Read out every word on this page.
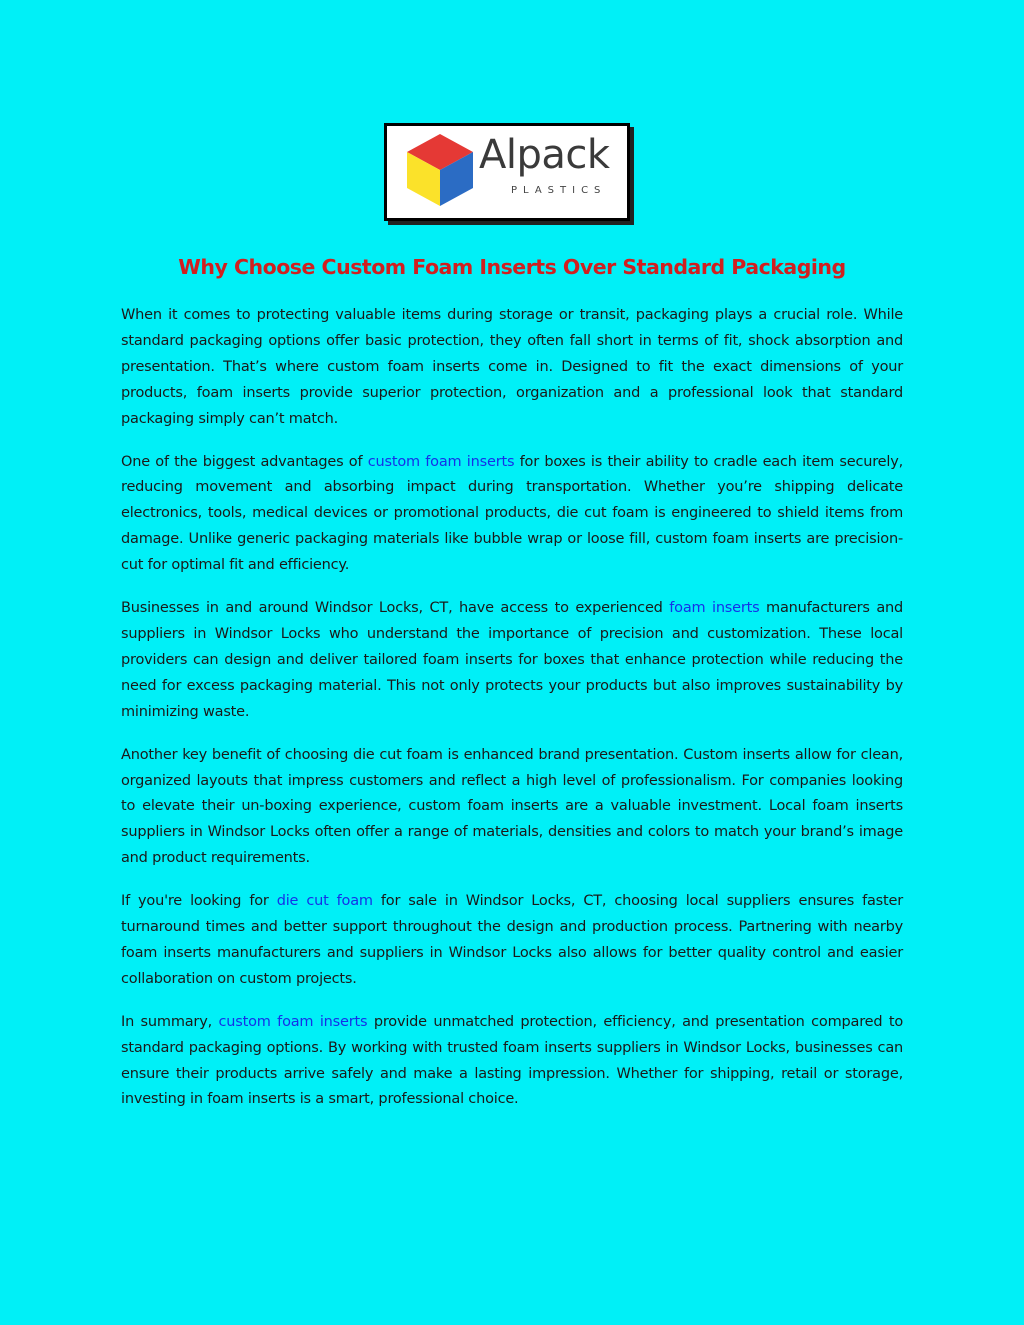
Alpack
PLASTICS
Why Choose Custom Foam Inserts Over Standard Packaging

When it comes to protecting valuable items during storage or transit, packaging plays a crucial role. While standard packaging options offer basic protection, they often fall short in terms of fit, shock absorption and presentation. That’s where custom foam inserts come in. Designed to fit the exact dimensions of your products, foam inserts provide superior protection, organization and a professional look that standard packaging simply can’t match.

One of the biggest advantages of custom foam inserts for boxes is their ability to cradle each item securely, reducing movement and absorbing impact during transportation. Whether you’re shipping delicate electronics, tools, medical devices or promotional products, die cut foam is engineered to shield items from damage. Unlike generic packaging materials like bubble wrap or loose fill, custom foam inserts are precision-cut for optimal fit and efficiency.

Businesses in and around Windsor Locks, CT, have access to experienced foam inserts manufacturers and suppliers in Windsor Locks who understand the importance of precision and customization. These local providers can design and deliver tailored foam inserts for boxes that enhance protection while reducing the need for excess packaging material. This not only protects your products but also improves sustainability by minimizing waste.

Another key benefit of choosing die cut foam is enhanced brand presentation. Custom inserts allow for clean, organized layouts that impress customers and reflect a high level of professionalism. For companies looking to elevate their un-boxing experience, custom foam inserts are a valuable investment. Local foam inserts suppliers in Windsor Locks often offer a range of materials, densities and colors to match your brand’s image and product requirements.

If you're looking for die cut foam for sale in Windsor Locks, CT, choosing local suppliers ensures faster turnaround times and better support throughout the design and production process. Partnering with nearby foam inserts manufacturers and suppliers in Windsor Locks also allows for better quality control and easier collaboration on custom projects.

In summary, custom foam inserts provide unmatched protection, efficiency, and presentation compared to standard packaging options. By working with trusted foam inserts suppliers in Windsor Locks, businesses can ensure their products arrive safely and make a lasting impression. Whether for shipping, retail or storage, investing in foam inserts is a smart, professional choice.
